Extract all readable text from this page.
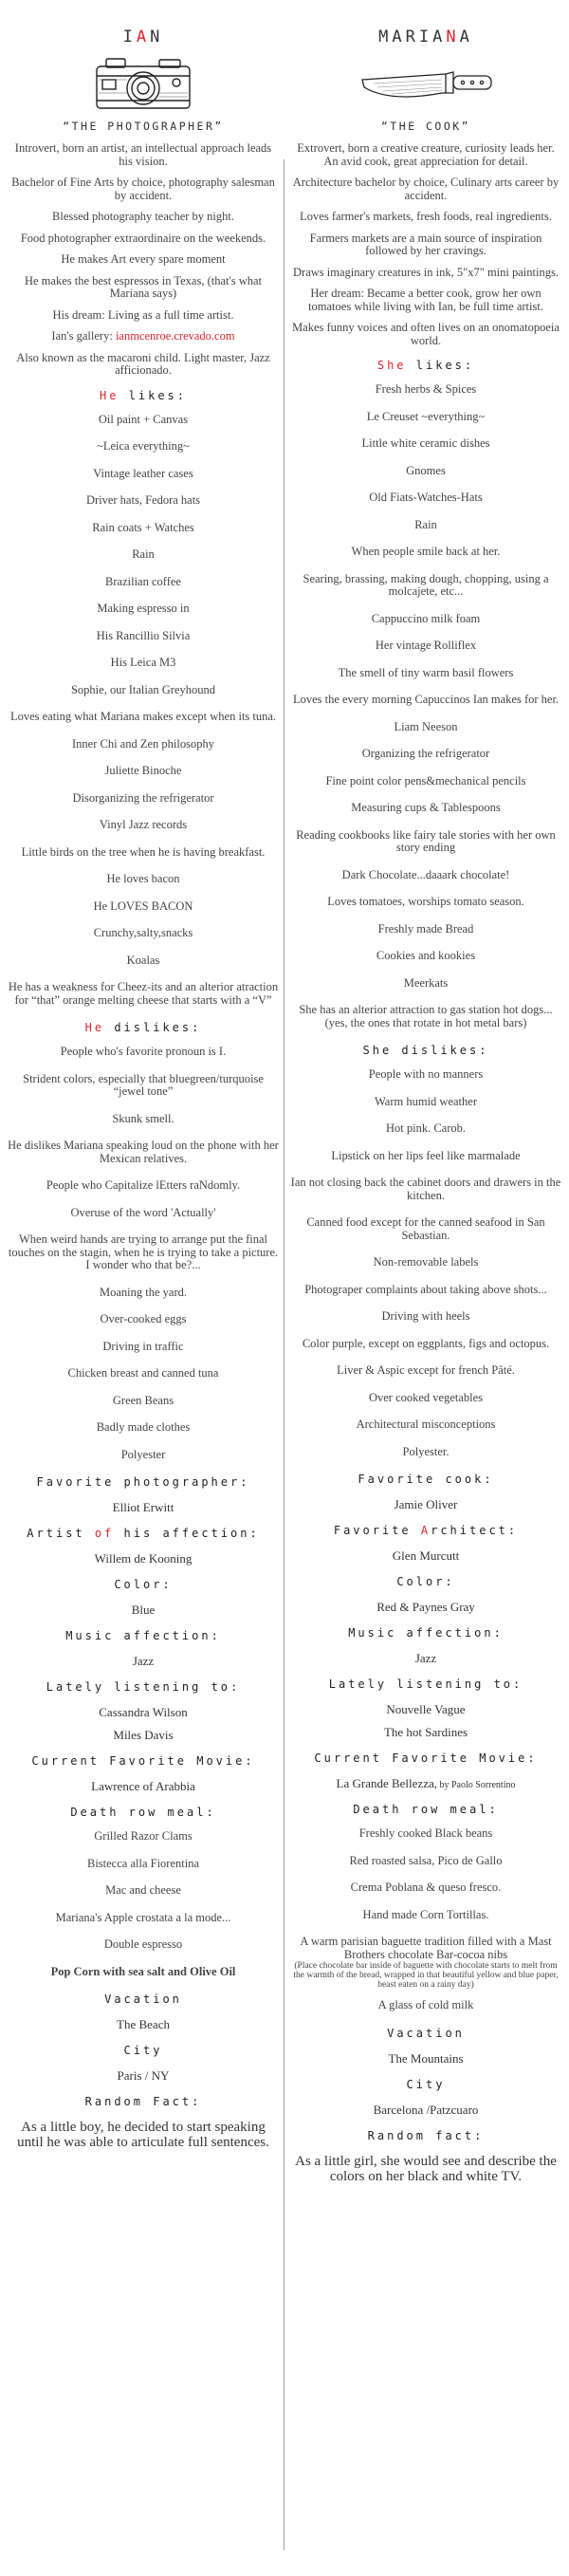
IAN
“THE PHOTOGRAPHER”

Introvert, born an artist, an intellectual approach leads his vision.

Bachelor of Fine Arts by choice, photography salesman by accident.

Blessed photography teacher by night.

Food photographer extraordinaire on the weekends.

He makes Art every spare moment

He makes the best espressos in Texas, (that's what Mariana says)

His dream: Living as a full time artist.

Ian's gallery: ianmcenroe.crevado.com

Also known as the macaroni child. Light master, Jazz afficionado.

He likes:
Oil paint + Canvas
~Leica everything~
Vintage leather cases
Driver hats, Fedora hats
Rain coats + Watches
Rain
Brazilian coffee
Making espresso in
His Rancillio Silvia
His Leica M3
Sophie, our Italian Greyhound
Loves eating what Mariana makes except when its tuna.
Inner Chi and Zen philosophy
Juliette Binoche
Disorganizing the refrigerator
Vinyl Jazz records
Little birds on the tree when he is having breakfast.
He loves bacon
He LOVES BACON
Crunchy,salty,snacks
Koalas
He has a weakness for Cheez-its and an alterior atraction for “that” orange melting cheese that starts with a “V”
He dislikes:
People who's favorite pronoun is I.
Strident colors, especially that bluegreen/turquoise “jewel tone”
Skunk smell.
He dislikes Mariana speaking loud on the phone with her Mexican relatives.
People who Capitalize lEtters raNdomly.
Overuse of the word 'Actually'
When weird hands are trying to arrange put the final touches on the stagin, when he is trying to take a picture. I wonder who that be?...
Moaning the yard.
Over-cooked eggs
Driving in traffic
Chicken breast and canned tuna
Green Beans
Badly made clothes
Polyester
Favorite photographer:
Elliot Erwitt
Artist of his affection:
Willem de Kooning
Color:
Blue
Music affection:
Jazz
Lately listening to:
Cassandra Wilson
Miles Davis
Current Favorite Movie:
Lawrence of Arabbia
Death row meal:
Grilled Razor Clams
Bistecca alla Fiorentina
Mac and cheese
Mariana's Apple crostata a la mode...
Double espresso
Pop Corn with sea salt and Olive Oil
Vacation
The Beach
City
Paris / NY
Random Fact:
As a little boy, he decided to start speaking until he was able to articulate full sentences.
MARIANA
“THE COOK”

Extrovert, born a creative creature, curiosity leads her. An avid cook, great appreciation for detail.

Architecture bachelor by choice, Culinary arts career by accident.

Loves farmer's markets, fresh foods, real ingredients.

Farmers markets are a main source of inspiration followed by her cravings.

Draws imaginary creatures in ink, 5"x7" mini paintings.

Her dream: Became a better cook, grow her own tomatoes while living with Ian, be full time artist.

Makes funny voices and often lives on an onomatopoeia world.

She likes:
Fresh herbs & Spices
Le Creuset ~everything~
Little white ceramic dishes
Gnomes
Old Fiats-Watches-Hats
Rain
When people smile back at her.
Searing, brassing, making dough, chopping, using a molcajete, etc...
Cappuccino milk foam
Her vintage Rolliflex
The smell of tiny warm basil flowers
Loves the every morning Capuccinos Ian makes for her.
Liam Neeson
Organizing the refrigerator
Fine point color pens&mechanical pencils
Measuring cups & Tablespoons
Reading cookbooks like fairy tale stories with her own story ending
Dark Chocolate...daaark chocolate!
Loves tomatoes, worships tomato season.
Freshly made Bread
Cookies and kookies
Meerkats
She has an alterior attraction to gas station hot dogs... (yes, the ones that rotate in hot metal bars)
She dislikes:
People with no manners
Warm humid weather
Hot pink. Carob.
Lipstick on her lips feel like marmalade
Ian not closing back the cabinet doors and drawers in the kitchen.
Canned food except for the canned seafood in San Sebastian.
Non-removable labels
Photograper complaints about taking above shots...
Driving with heels
Color purple, except on eggplants, figs and octopus.
Liver & Aspic except for french Pâté.
Over cooked vegetables
Architectural misconceptions
Polyester.
Favorite cook:
Jamie Oliver
Favorite Architect:
Glen Murcutt
Color:
Red & Paynes Gray
Music affection:
Jazz
Lately listening to:
Nouvelle Vague
The hot Sardines
Current Favorite Movie:
La Grande Bellezza, by Paolo Sorrentino
Death row meal:
Freshly cooked Black beans
Red roasted salsa, Pico de Gallo
Crema Poblana & queso fresco.
Hand made Corn Tortillas.
A warm parisian baguette tradition filled with a Mast Brothers chocolate Bar-cocoa nibs
(Place chocolate bar inside of baguette with chocolate starts to melt from the warmth of the bread, wrapped in that beautiful yellow and blue paper, beast eaten on a rainy day)
A glass of cold milk
Vacation
The Mountains
City
Barcelona /Patzcuaro
Random fact:
As a little girl, she would see and describe the colors on her black and white TV.
